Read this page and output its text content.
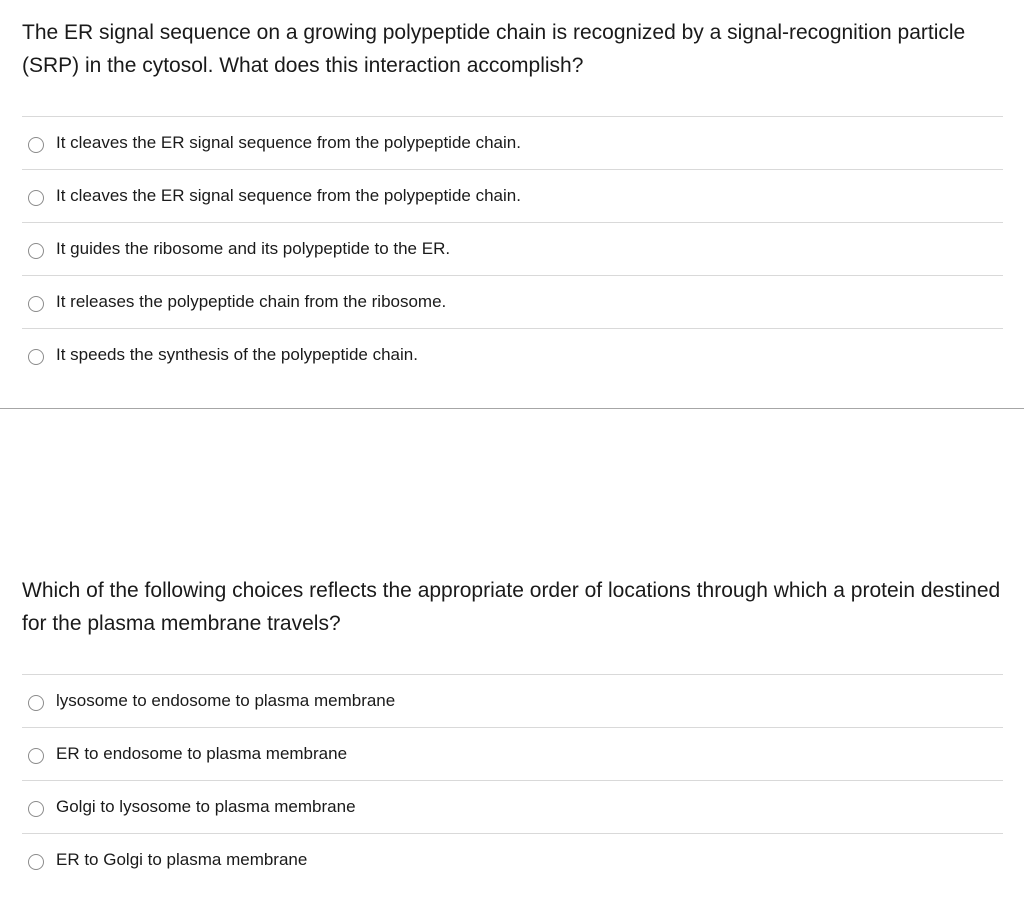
The ER signal sequence on a growing polypeptide chain is recognized by a signal-recognition particle (SRP) in the cytosol. What does this interaction accomplish?

It cleaves the ER signal sequence from the polypeptide chain.
It cleaves the ER signal sequence from the polypeptide chain.
It guides the ribosome and its polypeptide to the ER.
It releases the polypeptide chain from the ribosome.
It speeds the synthesis of the polypeptide chain.

Which of the following choices reflects the appropriate order of locations through which a protein destined for the plasma membrane travels?

lysosome to endosome to plasma membrane
ER to endosome to plasma membrane
Golgi to lysosome to plasma membrane
ER to Golgi to plasma membrane
